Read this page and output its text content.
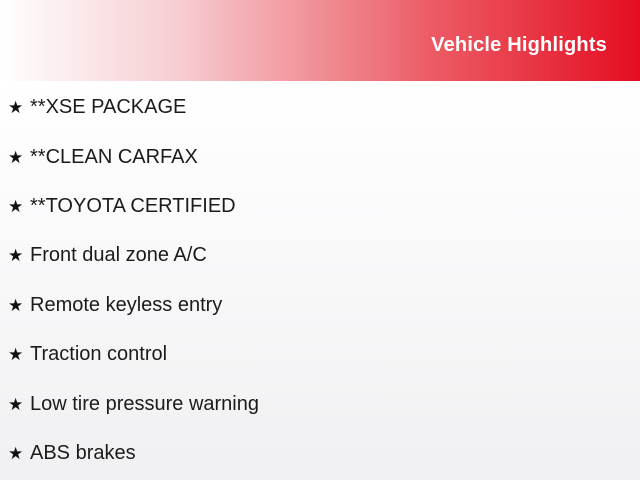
Vehicle Highlights
★ **XSE PACKAGE
★ **CLEAN CARFAX
★ **TOYOTA CERTIFIED
★ Front dual zone A/C
★ Remote keyless entry
★ Traction control
★ Low tire pressure warning
★ ABS brakes
